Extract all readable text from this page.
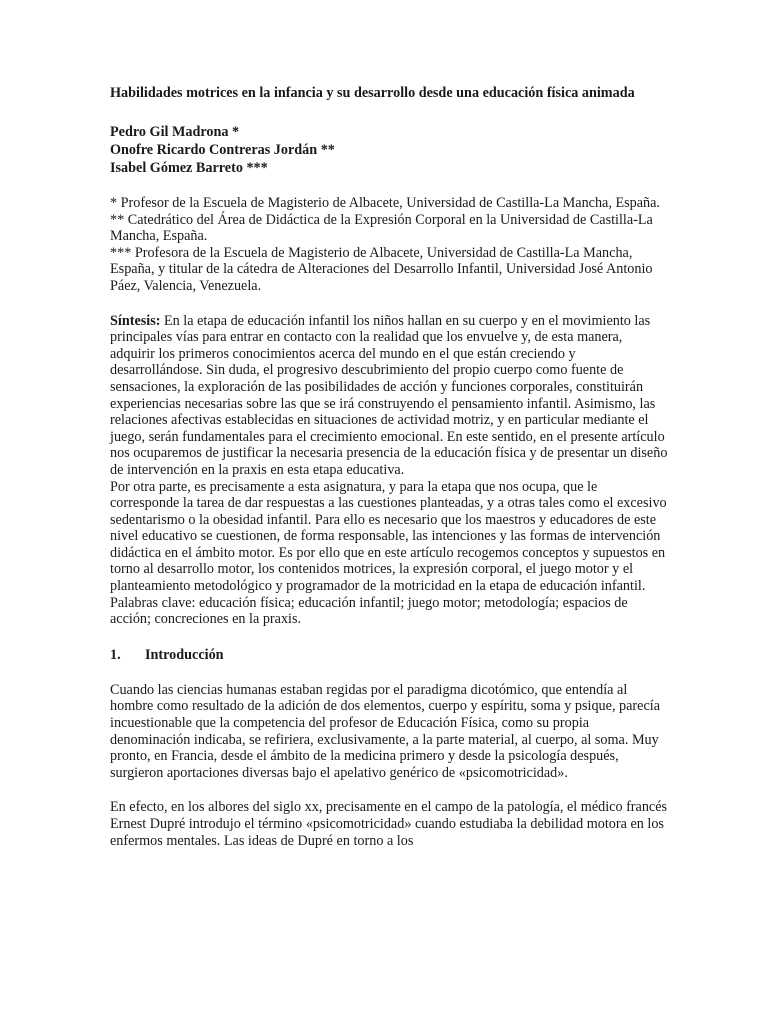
Habilidades motrices en la infancia y su desarrollo desde una educación física animada
Pedro Gil Madrona *
Onofre Ricardo Contreras Jordán **
Isabel Gómez Barreto ***

* Profesor de la Escuela de Magisterio de Albacete, Universidad de Castilla-La Mancha, España.

** Catedrático del Área de Didáctica de la Expresión Corporal en la Universidad de Castilla-La Mancha, España.

*** Profesora de la Escuela de Magisterio de Albacete, Universidad de Castilla-La Mancha, España, y titular de la cátedra de Alteraciones del Desarrollo Infantil, Universidad José Antonio Páez, Valencia, Venezuela.

Síntesis: En la etapa de educación infantil los niños hallan en su cuerpo y en el movimiento las principales vías para entrar en contacto con la realidad que los envuelve y, de esta manera, adquirir los primeros conocimientos acerca del mundo en el que están creciendo y desarrollándose. Sin duda, el progresivo descubrimiento del propio cuerpo como fuente de sensaciones, la exploración de las posibilidades de acción y funciones corporales, constituirán experiencias necesarias sobre las que se irá construyendo el pensamiento infantil. Asimismo, las relaciones afectivas establecidas en situaciones de actividad motriz, y en particular mediante el juego, serán fundamentales para el crecimiento emocional. En este sentido, en el presente artículo nos ocuparemos de justificar la necesaria presencia de la educación física y de presentar un diseño de intervención en la praxis en esta etapa educativa.

Por otra parte, es precisamente a esta asignatura, y para la etapa que nos ocupa, que le corresponde la tarea de dar respuestas a las cuestiones planteadas, y a otras tales como el excesivo sedentarismo o la obesidad infantil. Para ello es necesario que los maestros y educadores de este nivel educativo se cuestionen, de forma responsable, las intenciones y las formas de intervención didáctica en el ámbito motor. Es por ello que en este artículo recogemos conceptos y supuestos en torno al desarrollo motor, los contenidos motrices, la expresión corporal, el juego motor y el planteamiento metodológico y programador de la motricidad en la etapa de educación infantil.

Palabras clave: educación física; educación infantil; juego motor; metodología; espacios de acción; concreciones en la praxis.

1. Introducción

Cuando las ciencias humanas estaban regidas por el paradigma dicotómico, que entendía al hombre como resultado de la adición de dos elementos, cuerpo y espíritu, soma y psique, parecía incuestionable que la competencia del profesor de Educación Física, como su propia denominación indicaba, se refiriera, exclusivamente, a la parte material, al cuerpo, al soma. Muy pronto, en Francia, desde el ámbito de la medicina primero y desde la psicología después, surgieron aportaciones diversas bajo el apelativo genérico de «psicomotricidad».

En efecto, en los albores del siglo xx, precisamente en el campo de la patología, el médico francés Ernest Dupré introdujo el término «psicomotricidad» cuando estudiaba la debilidad motora en los enfermos mentales. Las ideas de Dupré en torno a los
